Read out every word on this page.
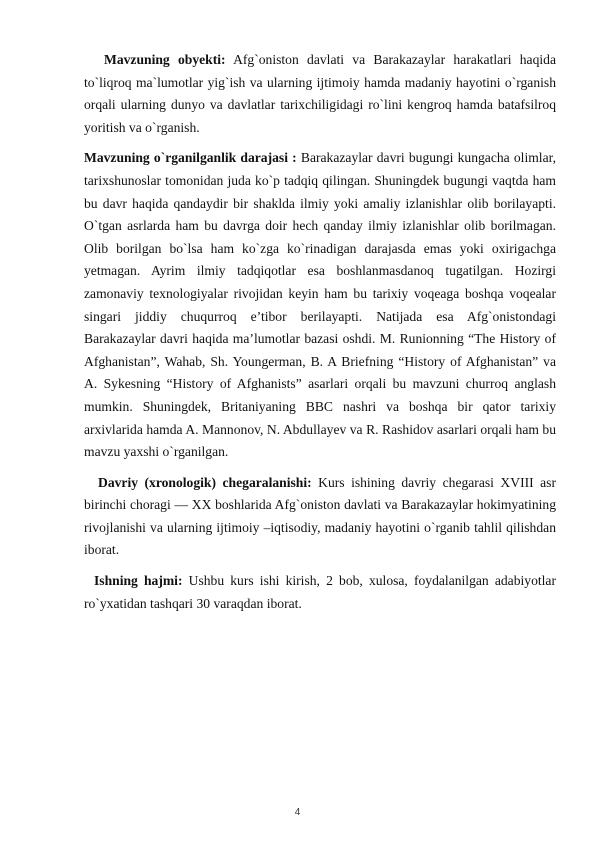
Mavzuning obyekti: Afg`oniston davlati va Barakazaylar harakatlari haqida to`liqroq ma`lumotlar yig`ish va ularning ijtimoiy hamda madaniy hayotini o`rganish orqali ularning dunyo va davlatlar tarixchiligidagi ro`lini kengroq hamda batafsilroq yoritish va o`rganish.

Mavzuning o`rganilganlik darajasi : Barakazaylar davri bugungi kungacha olimlar, tarixshunoslar tomonidan juda ko`p tadqiq qilingan. Shuningdek bugungi vaqtda ham bu davr haqida qandaydir bir shaklda ilmiy yoki amaliy izlanishlar olib borilayapti. O`tgan asrlarda ham bu davrga doir hech qanday ilmiy izlanishlar olib borilmagan. Olib borilgan bo`lsa ham ko`zga ko`rinadigan darajasda emas yoki oxirigachga yetmagan. Ayrim ilmiy tadqiqotlar esa boshlanmasdanoq tugatilgan. Hozirgi zamonaviy texnologiyalar rivojidan keyin ham bu tarixiy voqeaga boshqa voqealar singari jiddiy chuqurroq e’tibor berilayapti. Natijada esa Afg`onistondagi Barakazaylar davri haqida ma’lumotlar bazasi oshdi. M. Runionning “The History of Afghanistan”, Wahab, Sh. Youngerman, B. A Briefning “History of Afghanistan” va A. Sykesning “History of Afghanists” asarlari orqali bu mavzuni churroq anglash mumkin. Shuningdek, Britaniyaning BBC nashri va boshqa bir qator tarixiy arxivlarida hamda A. Mannonov, N. Abdullayev va R. Rashidov asarlari orqali ham bu mavzu yaxshi o`rganilgan.

Davriy (xronologik) chegaralanishi: Kurs ishining davriy chegarasi XVIII asr birinchi choragi — XX boshlarida Afg`oniston davlati va Barakazaylar hokimyatining rivojlanishi va ularning ijtimoiy –iqtisodiy, madaniy hayotini o`rganib tahlil qilishdan iborat.

Ishning hajmi: Ushbu kurs ishi kirish, 2 bob, xulosa, foydalanilgan adabiyotlar ro`yxatidan tashqari 30 varaqdan iborat.

4
